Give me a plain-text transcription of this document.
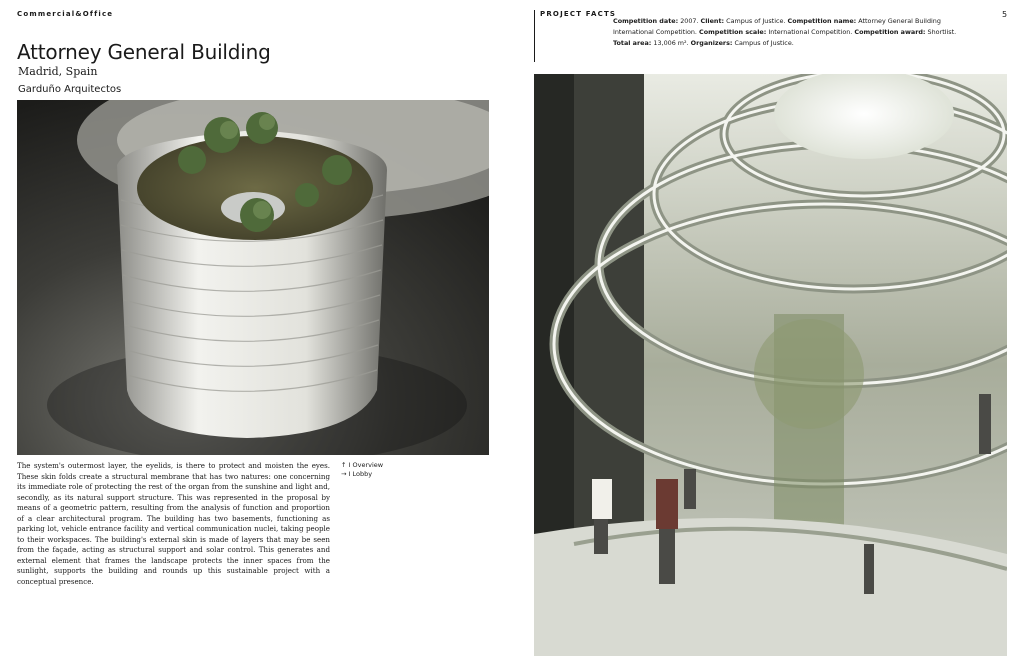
Commercial&Office
Attorney General Building
Madrid, Spain
Garduño Arquitectos

The system's outermost layer, the eyelids, is there to protect and moisten the eyes. These skin folds create a structural membrane that has two natures: one concerning its immediate role of protecting the rest of the organ from the sunshine and light and, secondly, as its natural support structure. This was represented in the proposal by means of a geometric pattern, resulting from the analysis of function and proportion of a clear architectural program. The building has two basements, functioning as parking lot, vehicle entrance facility and vertical communication nuclei, taking people to their workspaces. The building's external skin is made of layers that may be seen from the façade, acting as structural support and solar control. This generates and external element that frames the landscape protects the inner spaces from the sunlight, supports the building and rounds up this sustainable project with a conceptual presence.

↑ I Overview
→ I Lobby
PROJECT FACTS
Competition date: 2007. Client: Campus of Justice. Competition name: Attorney General Building International Competition. Competition scale: International Competition. Competition award: Shortlist. Total area: 13,006 m². Organizers: Campus of Justice.
5
